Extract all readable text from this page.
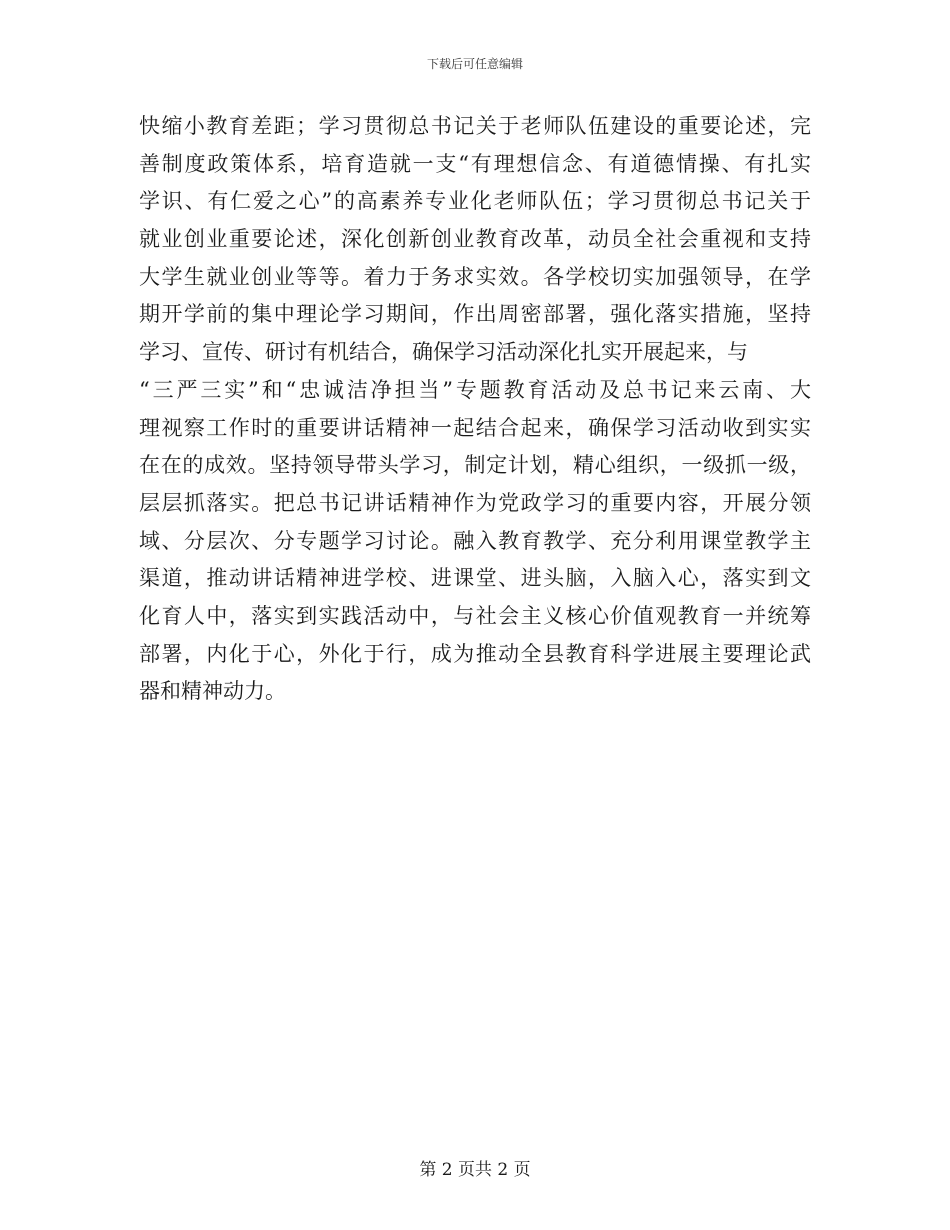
下载后可任意编辑
快缩小教育差距；学习贯彻总书记关于老师队伍建设的重要论述，完
善制度政策体系，培育造就一支“有理想信念、有道德情操、有扎实
学识、有仁爱之心”的高素养专业化老师队伍；学习贯彻总书记关于
就业创业重要论述，深化创新创业教育改革，动员全社会重视和支持
大学生就业创业等等。着力于务求实效。各学校切实加强领导，在学
期开学前的集中理论学习期间，作出周密部署，强化落实措施，坚持
学习、宣传、研讨有机结合，确保学习活动深化扎实开展起来，与
“三严三实”和“忠诚洁净担当”专题教育活动及总书记来云南、大
理视察工作时的重要讲话精神一起结合起来，确保学习活动收到实实
在在的成效。坚持领导带头学习，制定计划，精心组织，一级抓一级，
层层抓落实。把总书记讲话精神作为党政学习的重要内容，开展分领
域、分层次、分专题学习讨论。融入教育教学、充分利用课堂教学主
渠道，推动讲话精神进学校、进课堂、进头脑，入脑入心，落实到文
化育人中，落实到实践活动中，与社会主义核心价值观教育一并统筹
部署，内化于心，外化于行，成为推动全县教育科学进展主要理论武
器和精神动力。
第 2 页共 2 页
